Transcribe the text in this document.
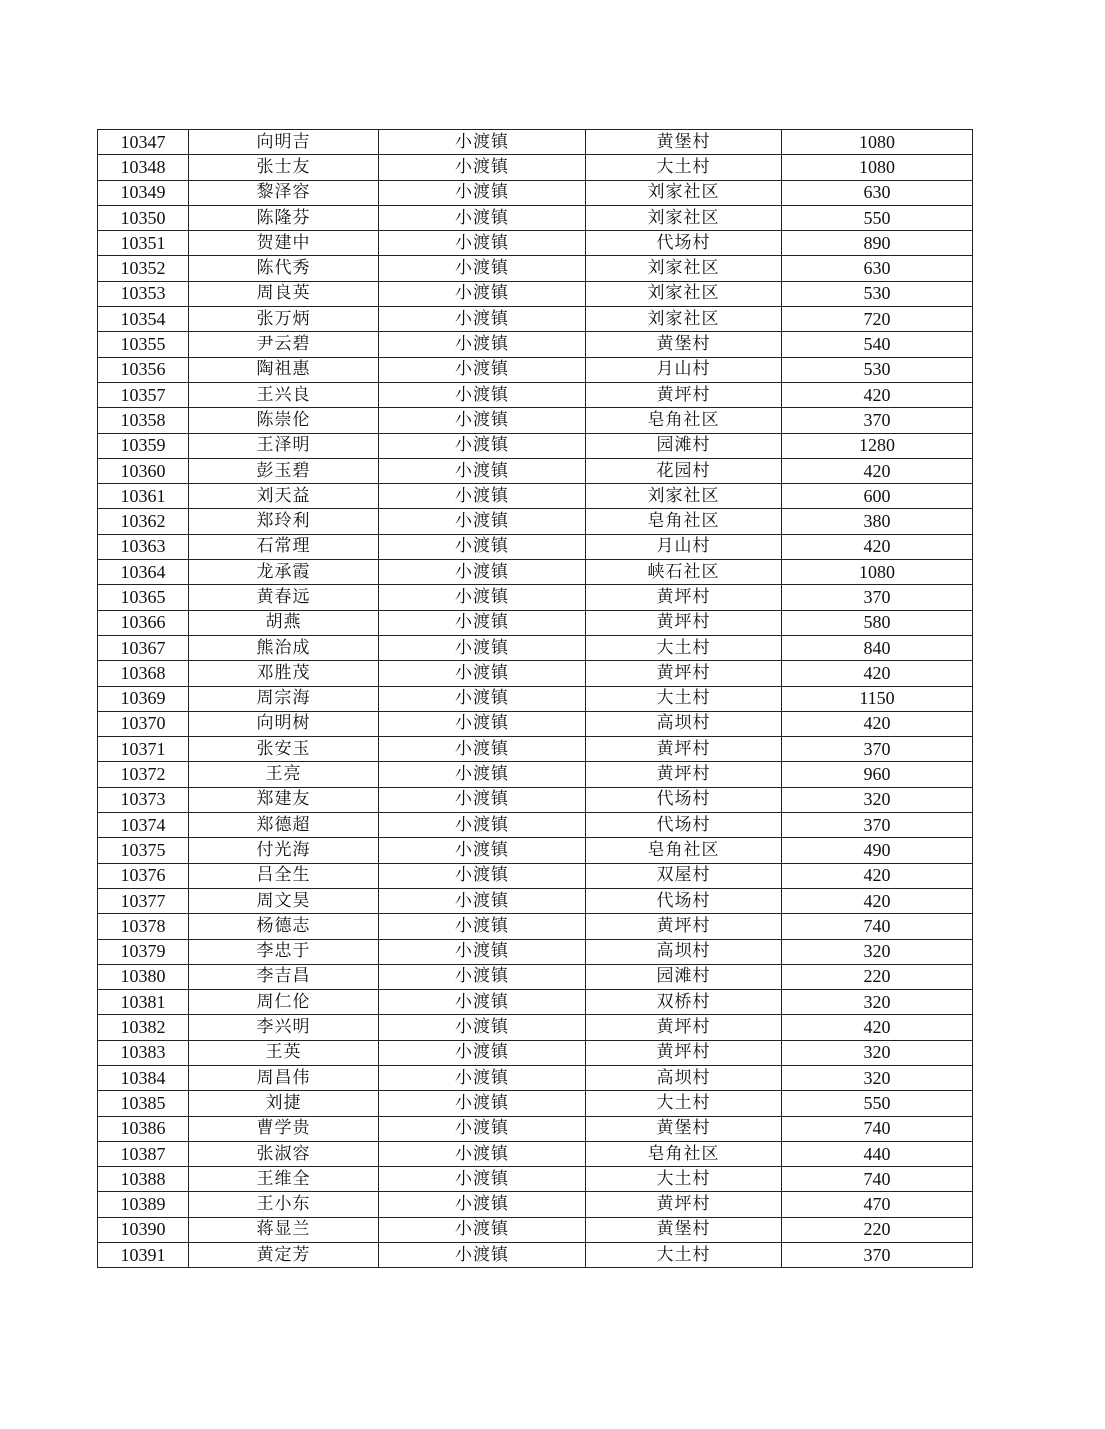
10347	向明吉	小渡镇	黄堡村	1080
10348	张士友	小渡镇	大土村	1080
10349	黎泽容	小渡镇	刘家社区	630
10350	陈隆芬	小渡镇	刘家社区	550
10351	贺建中	小渡镇	代场村	890
10352	陈代秀	小渡镇	刘家社区	630
10353	周良英	小渡镇	刘家社区	530
10354	张万炳	小渡镇	刘家社区	720
10355	尹云碧	小渡镇	黄堡村	540
10356	陶祖惠	小渡镇	月山村	530
10357	王兴良	小渡镇	黄坪村	420
10358	陈崇伦	小渡镇	皂角社区	370
10359	王泽明	小渡镇	园滩村	1280
10360	彭玉碧	小渡镇	花园村	420
10361	刘天益	小渡镇	刘家社区	600
10362	郑玲利	小渡镇	皂角社区	380
10363	石常理	小渡镇	月山村	420
10364	龙承霞	小渡镇	峡石社区	1080
10365	黄春远	小渡镇	黄坪村	370
10366	胡燕	小渡镇	黄坪村	580
10367	熊治成	小渡镇	大土村	840
10368	邓胜茂	小渡镇	黄坪村	420
10369	周宗海	小渡镇	大土村	1150
10370	向明树	小渡镇	高坝村	420
10371	张安玉	小渡镇	黄坪村	370
10372	王亮	小渡镇	黄坪村	960
10373	郑建友	小渡镇	代场村	320
10374	郑德超	小渡镇	代场村	370
10375	付光海	小渡镇	皂角社区	490
10376	吕全生	小渡镇	双屋村	420
10377	周文昊	小渡镇	代场村	420
10378	杨德志	小渡镇	黄坪村	740
10379	李忠于	小渡镇	高坝村	320
10380	李吉昌	小渡镇	园滩村	220
10381	周仁伦	小渡镇	双桥村	320
10382	李兴明	小渡镇	黄坪村	420
10383	王英	小渡镇	黄坪村	320
10384	周昌伟	小渡镇	高坝村	320
10385	刘捷	小渡镇	大土村	550
10386	曹学贵	小渡镇	黄堡村	740
10387	张淑容	小渡镇	皂角社区	440
10388	王维全	小渡镇	大土村	740
10389	王小东	小渡镇	黄坪村	470
10390	蒋显兰	小渡镇	黄堡村	220
10391	黄定芳	小渡镇	大土村	370
